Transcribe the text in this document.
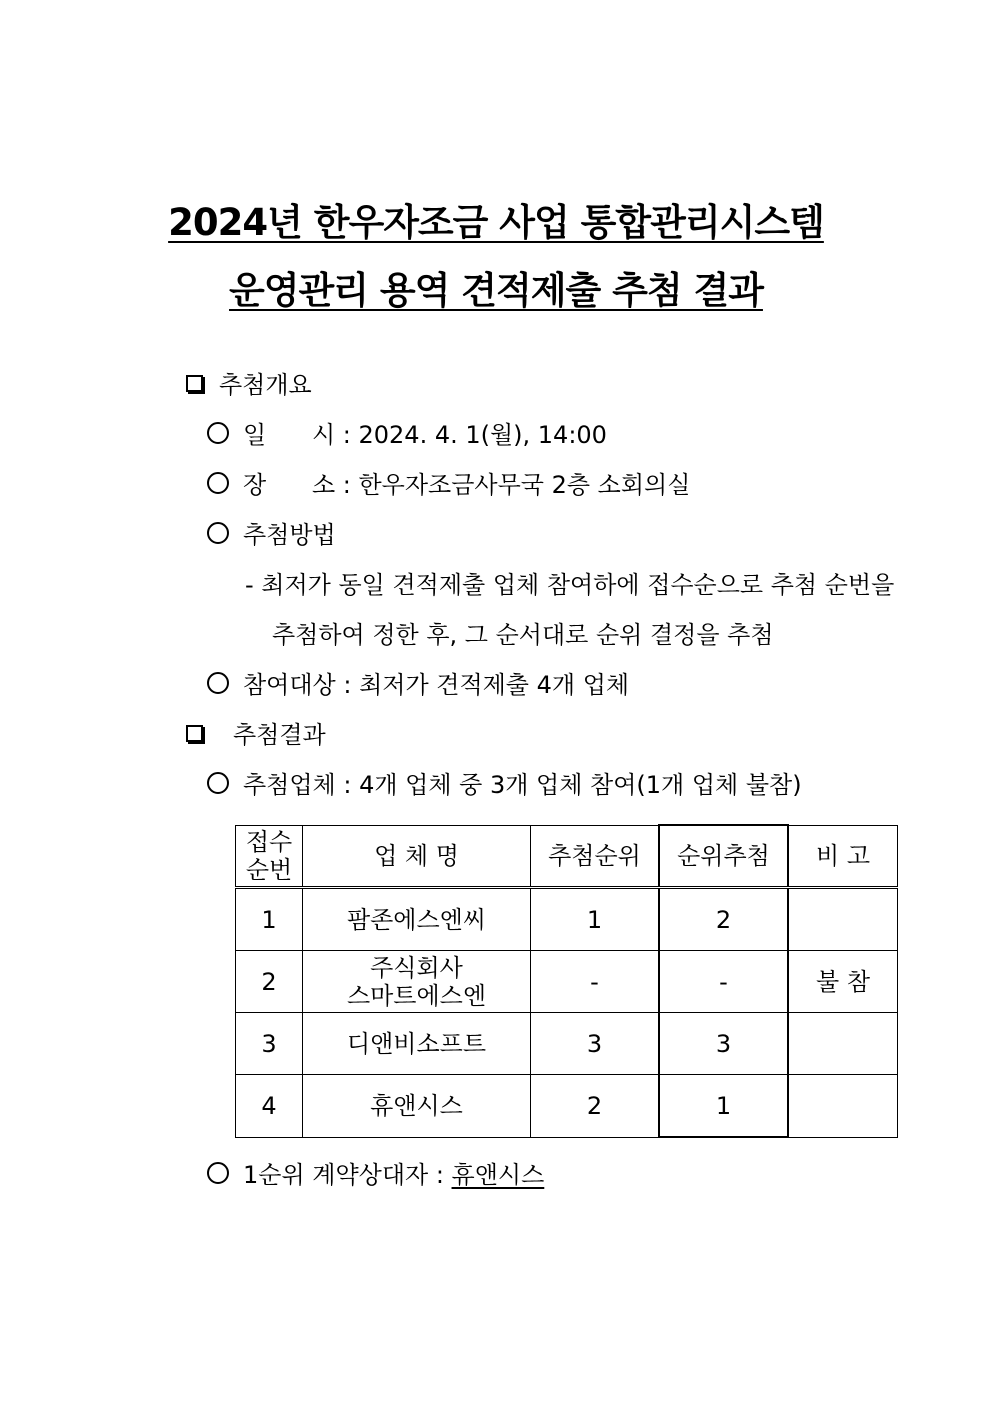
2024년 한우자조금 사업 통합관리시스템
운영관리 용역 견적제출 추첨 결과
추첨개요
일      시 : 2024. 4. 1(월), 14:00
장      소 : 한우자조금사무국 2층 소회의실
추첨방법
- 최저가 동일 견적제출 업체 참여하에 접수순으로 추첨 순번을
추첨하여 정한 후, 그 순서대로 순위 결정을 추첨
참여대상 : 최저가 견적제출 4개 업체
추첨결과
추첨업체 : 4개 업체 중 3개 업체 참여(1개 업체 불참)
접수
순번	업 체 명	추첨순위	순위추첨	비 고
1	팜존에스엔씨	1	2	
2	주식회사
스마트에스엔	-	-	불 참
3	디앤비소프트	3	3	
4	휴앤시스	2	1	
1순위 계약상대자 : 휴앤시스
